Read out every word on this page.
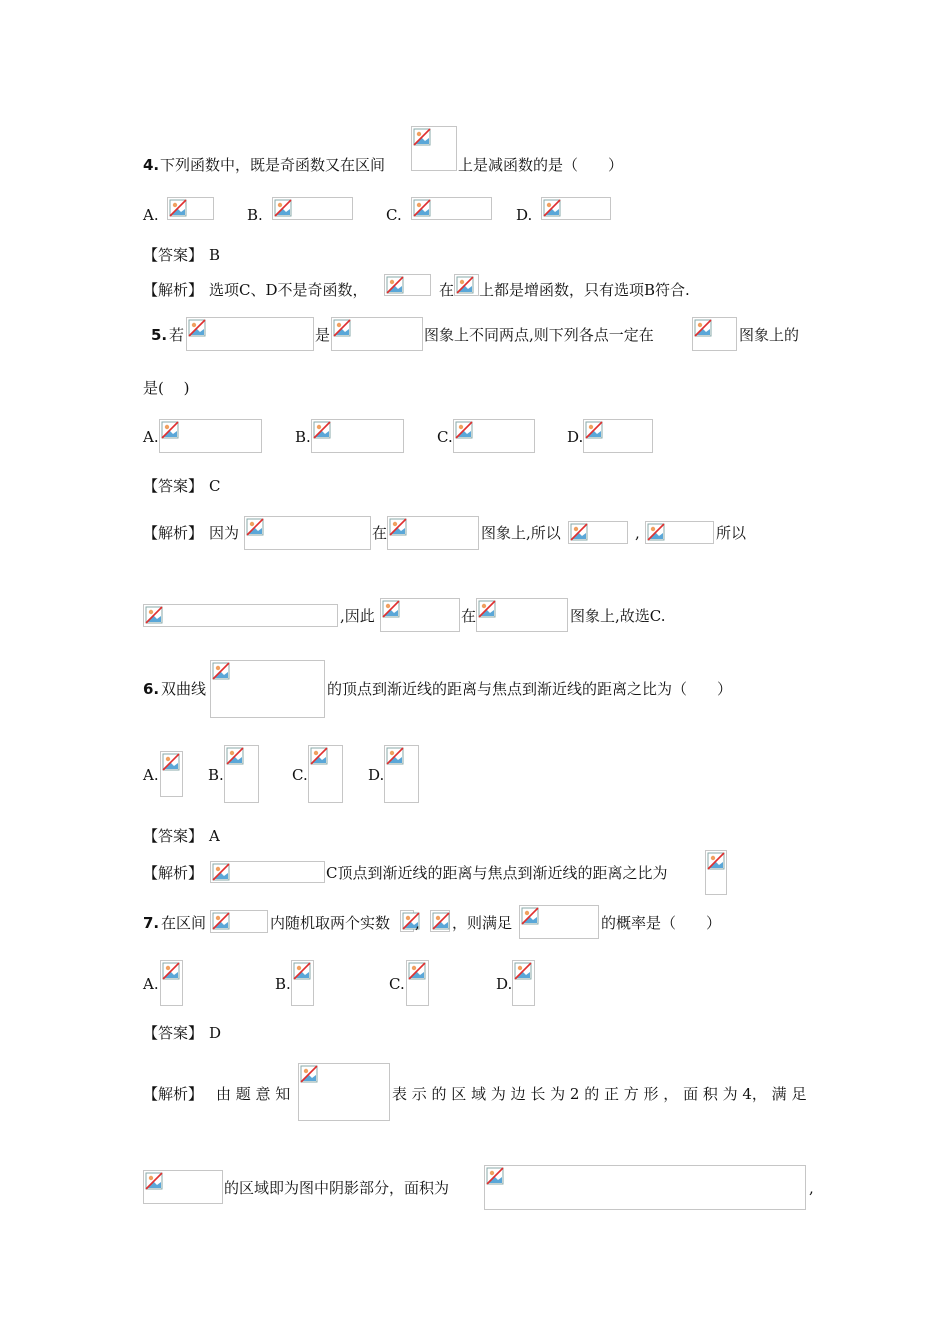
4. 下列函数中，既是奇函数又在区间	上是减函数的是（　　）
A.	B.	C.	D.
【答案】 B
【解析】 选项C、D不是奇函数，	在 上都是增函数，只有选项B符合.
5. 若	是	图象上不同两点,则下列各点一定在	图象上的
是(　 )
A.	B.	C.	D.
【答案】 C
【解析】 因为	在	图象上,所以	,	所以
,因此	在	图象上,故选C.
6. 双曲线	的顶点到渐近线的距离与焦点到渐近线的距离之比为（　　）
A.	B.	C.	D.
【答案】 A
【解析】	C顶点到渐近线的距离与焦点到渐近线的距离之比为
7. 在区间	内随机取两个实数 , ，则满足	的概率是（　　）
A.	B.	C.	D.
【答案】 D
【解析】 由 题 意 知	表 示 的 区 域 为 边 长 为 2 的 正 方 形 ， 面 积 为 4， 满 足
的区域即为图中阴影部分，面积为	,
